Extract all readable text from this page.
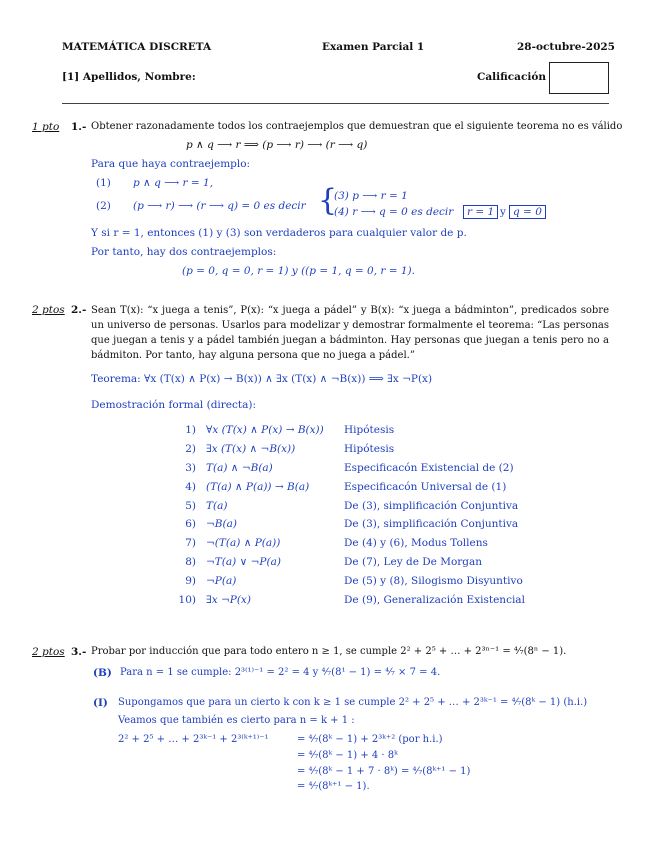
MATEMÁTICA DISCRETA	Examen Parcial 1	28-octubre-2025
[1] Apellidos, Nombre:	Calificación
1 pto 1.- Obtener razonadamente todos los contraejemplos que demuestran que el siguiente teorema no es válido
p ∧ q ⟶ r ⟹ (p ⟶ r) ⟶ (r ⟶ q)
Para que haya contraejemplo:
(1) p ∧ q ⟶ r = 1,
(2) (p ⟶ r) ⟶ (r ⟶ q) = 0 es decir {
(3) p ⟶ r = 1
(4) r ⟶ q = 0 es decir	r = 1 y q = 0
Y si r = 1, entonces (1) y (3) son verdaderos para cualquier valor de p.
Por tanto, hay dos contraejemplos:
(p = 0, q = 0, r = 1) y ((p = 1, q = 0, r = 1).
2 ptos 2.- Sean T(x): “x juega a tenis”, P(x): “x juega a pádel” y B(x): “x juega a bádminton”, predicados sobre un universo de personas. Usarlos para modelizar y demostrar formalmente el teorema: “Las personas que juegan a tenis y a pádel también juegan a bádminton. Hay personas que juegan a tenis pero no a bádmiton. Por tanto, hay alguna persona que no juega a pádel.”
Teorema: ∀x (T(x) ∧ P(x) → B(x)) ∧ ∃x (T(x) ∧ ¬B(x)) ⟹ ∃x ¬P(x)
Demostración formal (directa):
1)	∀x (T(x) ∧ P(x) → B(x))	Hipótesis
2)	∃x (T(x) ∧ ¬B(x))	Hipótesis
3)	T(a) ∧ ¬B(a)	Especificacón Existencial de (2)
4)	(T(a) ∧ P(a)) → B(a)	Especificacón Universal de (1)
5)	T(a)	De (3), simplificación Conjuntiva
6)	¬B(a)	De (3), simplificación Conjuntiva
7)	¬(T(a) ∧ P(a))	De (4) y (6), Modus Tollens
8)	¬T(a) ∨ ¬P(a)	De (7), Ley de De Morgan
9)	¬P(a)	De (5) y (8), Silogismo Disyuntivo
10)	∃x ¬P(x)	De (9), Generalización Existencial
2 ptos 3.- Probar por inducción que para todo entero n ≥ 1, se cumple 2² + 2⁵ + … + 2³ⁿ⁻¹ = ⁴⁄₇(8ⁿ − 1).
(B) Para n = 1 se cumple: 2³⁽¹⁾⁻¹ = 2² = 4 y ⁴⁄₇(8¹ − 1) = ⁴⁄₇ × 7 = 4.
(I) Supongamos que para un cierto k con k ≥ 1 se cumple 2² + 2⁵ + … + 2³ᵏ⁻¹ = ⁴⁄₇(8ᵏ − 1) (h.i.)
Veamos que también es cierto para n = k + 1 :
2² + 2⁵ + … + 2³ᵏ⁻¹ + 2³⁽ᵏ⁺¹⁾⁻¹	= ⁴⁄₇(8ᵏ − 1) + 2³ᵏ⁺² (por h.i.)
= ⁴⁄₇(8ᵏ − 1) + 4 · 8ᵏ
= ⁴⁄₇(8ᵏ − 1 + 7 · 8ᵏ) = ⁴⁄₇(8ᵏ⁺¹ − 1)
= ⁴⁄₇(8ᵏ⁺¹ − 1).
